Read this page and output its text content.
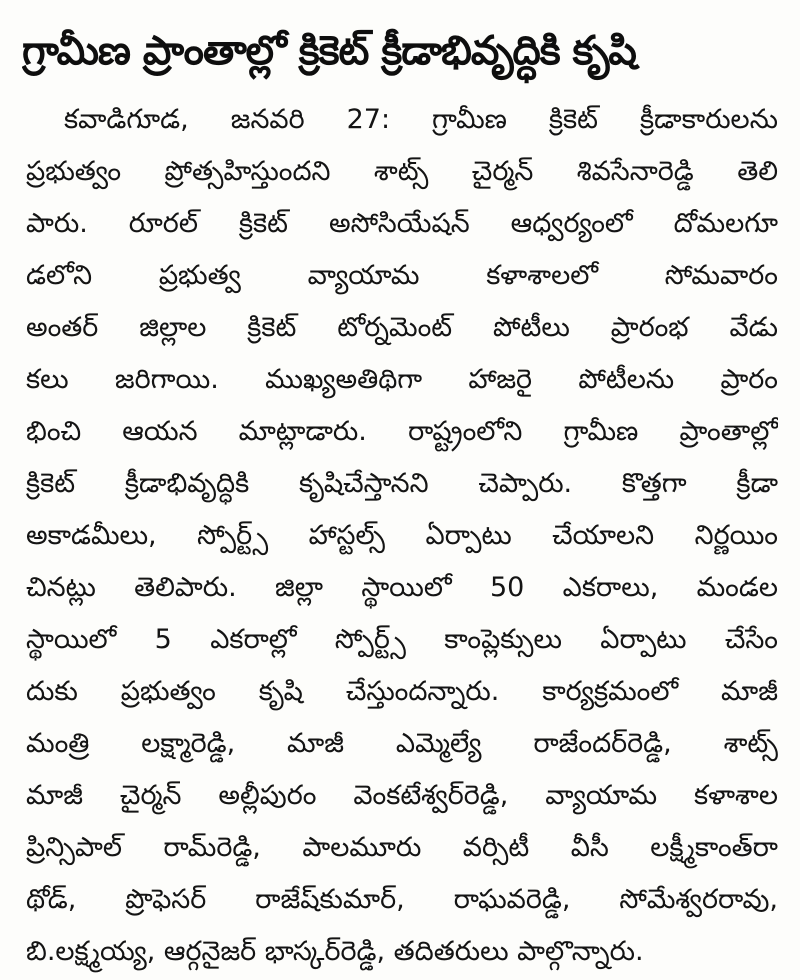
గ్రామీణ ప్రాంతాల్లో క్రికెట్ క్రీడాభివృద్ధికి కృషి
కవాడిగూడ, జనవరి 27: గ్రామీణ క్రికెట్ క్రీడాకారులను
ప్రభుత్వం ప్రోత్సహిస్తుందని శాట్స్ చైర్మన్ శివసేనారెడ్డి తెలి
పారు. రూరల్ క్రికెట్ అసోసియేషన్ ఆధ్వర్యంలో దోమలగూ
డలోని ప్రభుత్వ వ్యాయామ కళాశాలలో సోమవారం
అంతర్ జిల్లాల క్రికెట్ టోర్నమెంట్ పోటీలు ప్రారంభ వేడు
కలు జరిగాయి. ముఖ్యఅతిథిగా హాజరై పోటీలను ప్రారం
భించి ఆయన మాట్లాడారు. రాష్ట్రంలోని గ్రామీణ ప్రాంతాల్లో
క్రికెట్ క్రీడాభివృద్ధికి కృషిచేస్తానని చెప్పారు. కొత్తగా క్రీడా
అకాడమీలు, స్పోర్ట్స్ హాస్టల్స్ ఏర్పాటు చేయాలని నిర్ణయిం
చినట్లు తెలిపారు. జిల్లా స్థాయిలో 50 ఎకరాలు, మండల
స్థాయిలో 5 ఎకరాల్లో స్పోర్ట్స్ కాంప్లెక్సులు ఏర్పాటు చేసేం
దుకు ప్రభుత్వం కృషి చేస్తుందన్నారు. కార్యక్రమంలో మాజీ
మంత్రి లక్ష్మారెడ్డి, మాజీ ఎమ్మెల్యే రాజేందర్‌రెడ్డి, శాట్స్
మాజీ చైర్మన్ అల్లీపురం వెంకటేశ్వర్‌రెడ్డి, వ్యాయామ కళాశాల
ప్రిన్సిపాల్ రామ్‌రెడ్డి, పాలమూరు వర్సిటీ వీసీ లక్ష్మీకాంత్‌రా
థోడ్, ప్రొఫెసర్ రాజేష్‌కుమార్, రాఘవరెడ్డి, సోమేశ్వరరావు,
బి.లక్ష్మయ్య, ఆర్గనైజర్ భాస్కర్‌రెడ్డి, తదితరులు పాల్గొన్నారు.
